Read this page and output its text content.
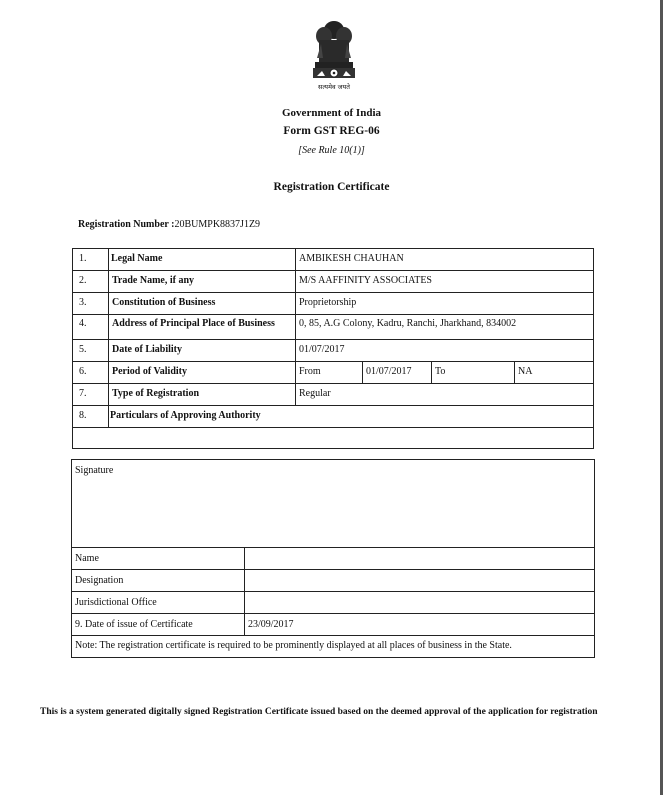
सत्यमेव जयते
Government of India
Form GST REG-06
[See Rule 10(1)]
Registration Certificate
Registration Number :20BUMPK8837J1Z9
1.	Legal Name	AMBIKESH CHAUHAN			
2.	Trade Name, if any	M/S AAFFINITY ASSOCIATES			
3.	Constitution of Business	Proprietorship			
4.	Address of Principal Place of Business	0, 85, A.G Colony, Kadru, Ranchi, Jharkhand, 834002			
5.	Date of Liability	01/07/2017			
6.	Period of Validity	From	01/07/2017	To	NA
7.	Type of Registration	Regular			
8.	Particulars of Approving Authority				

Signature
Name	
Designation	
Jurisdictional Office	
9. Date of issue of Certificate	23/09/2017
Note: The registration certificate is required to be prominently displayed at all places of business in the State.	
This is a system generated digitally signed Registration Certificate issued based on the deemed approval of the application for registration
